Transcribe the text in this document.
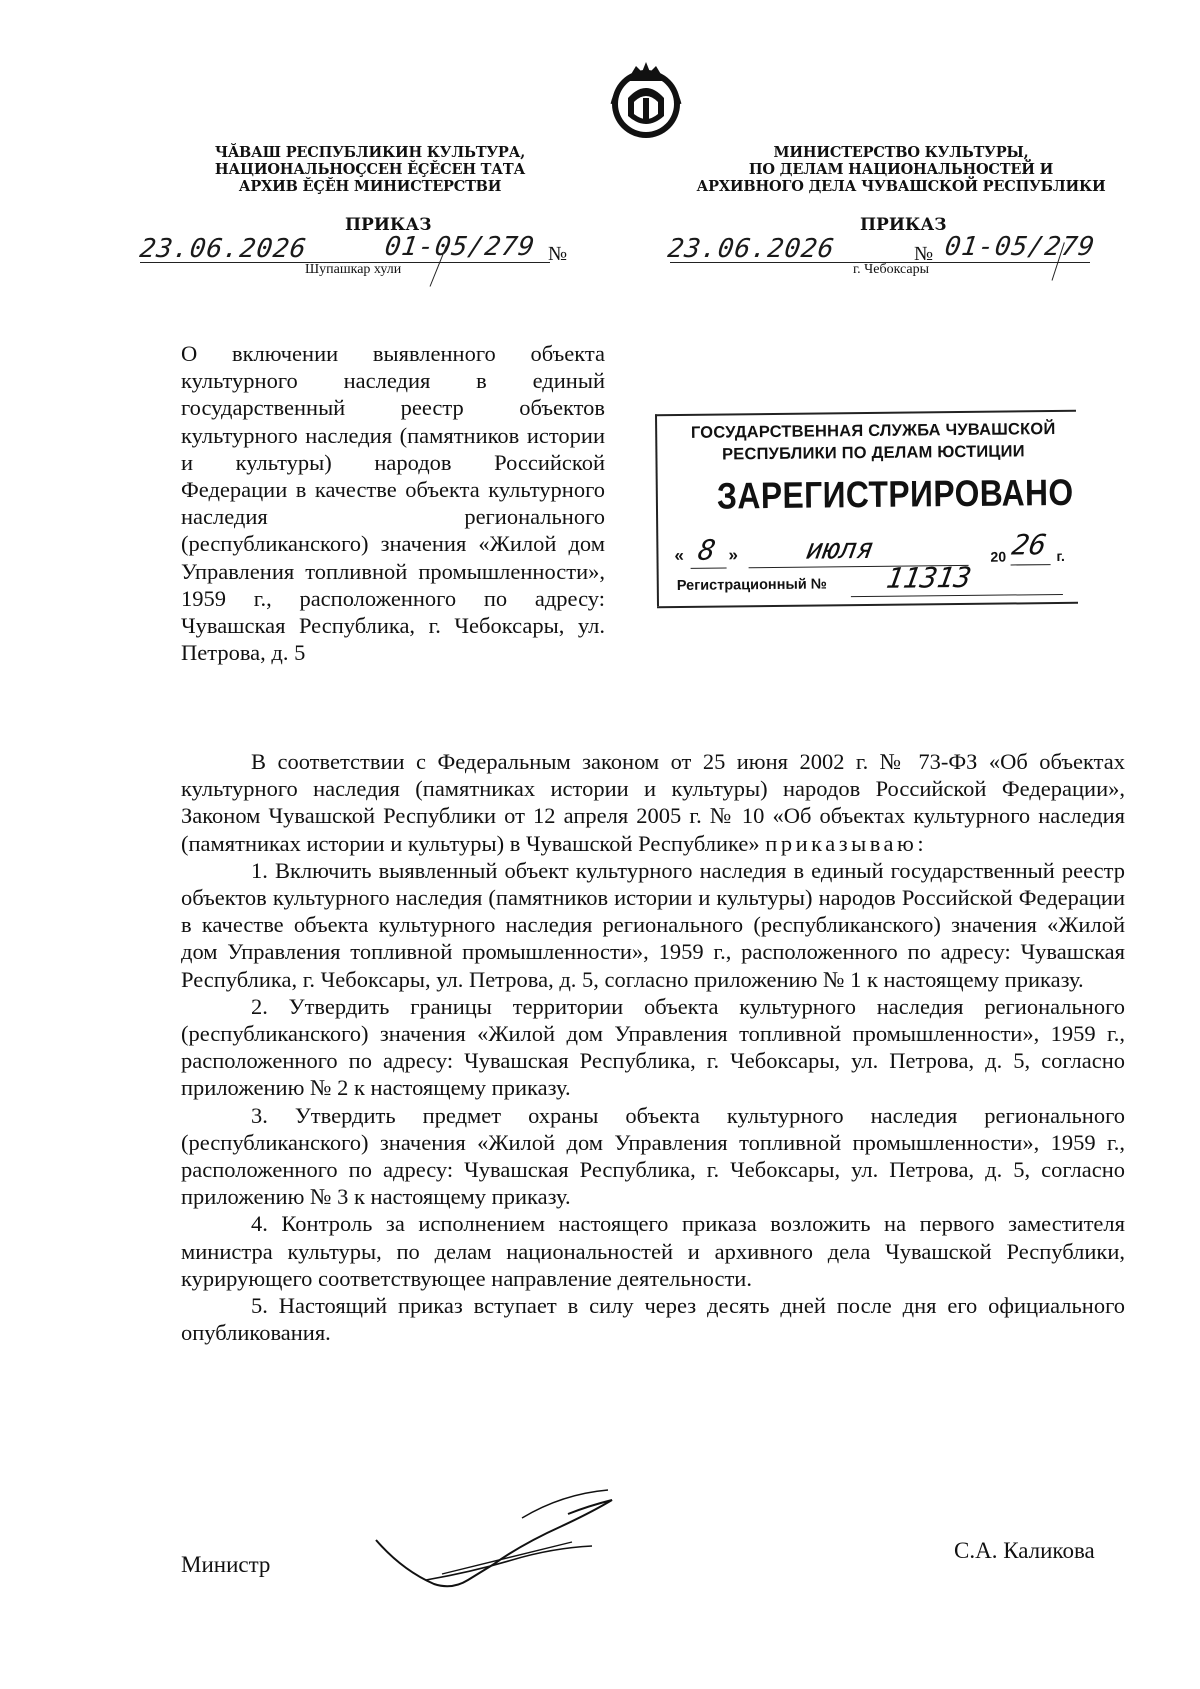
ЧĂВАШ РЕСПУБЛИКИН КУЛЬТУРА,
НАЦИОНАЛЬНОҪСЕН ĔҪĔСЕН ТАТА
АРХИВ ĔҪĔН МИНИСТЕРСТВИ
МИНИСТЕРСТВО КУЛЬТУРЫ,
ПО ДЕЛАМ НАЦИОНАЛЬНОСТЕЙ И
АРХИВНОГО ДЕЛА ЧУВАШСКОЙ РЕСПУБЛИКИ
ПРИКАЗ	ПРИКАЗ
23.06.2026	01-05/279 №	23.06.2026	№ 01-05/279
Шупашкар хули	г. Чебоксары
О включении выявленного объекта культурного наследия в единый государственный реестр объектов культурного наследия (памятников истории и культуры) народов Российской Федерации в качестве объекта культурного наследия регионального (республиканского) значения «Жилой дом Управления топливной промышленности», 1959 г., расположенного по адресу: Чувашская Республика, г. Чебоксары, ул. Петрова, д. 5
ГОСУДАРСТВЕННАЯ СЛУЖБА ЧУВАШСКОЙ
РЕСПУБЛИКИ ПО ДЕЛАМ ЮСТИЦИИ
ЗАРЕГИСТРИРОВАНО
« 8 » июля	20 26 г.
Регистрационный № 11313

В соответствии с Федеральным законом от 25 июня 2002 г. № 73-ФЗ «Об объектах культурного наследия (памятниках истории и культуры) народов Российской Федерации», Законом Чувашской Республики от 12 апреля 2005 г. № 10 «Об объектах культурного наследия (памятниках истории и культуры) в Чувашской Республике» приказываю:

1. Включить выявленный объект культурного наследия в единый государственный реестр объектов культурного наследия (памятников истории и культуры) народов Российской Федерации в качестве объекта культурного наследия регионального (республиканского) значения «Жилой дом Управления топливной промышленности», 1959 г., расположенного по адресу: Чувашская Республика, г. Чебоксары, ул. Петрова, д. 5, согласно приложению № 1 к настоящему приказу.

2. Утвердить границы территории объекта культурного наследия регионального (республиканского) значения «Жилой дом Управления топливной промышленности», 1959 г., расположенного по адресу: Чувашская Республика, г. Чебоксары, ул. Петрова, д. 5, согласно приложению № 2 к настоящему приказу.

3. Утвердить предмет охраны объекта культурного наследия регионального (республиканского) значения «Жилой дом Управления топливной промышленности», 1959 г., расположенного по адресу: Чувашская Республика, г. Чебоксары, ул. Петрова, д. 5, согласно приложению № 3 к настоящему приказу.

4. Контроль за исполнением настоящего приказа возложить на первого заместителя министра культуры, по делам национальностей и архивного дела Чувашской Республики, курирующего соответствующее направление деятельности.

5. Настоящий приказ вступает в силу через десять дней после дня его официального опубликования.

Министр
С.А. Каликова
